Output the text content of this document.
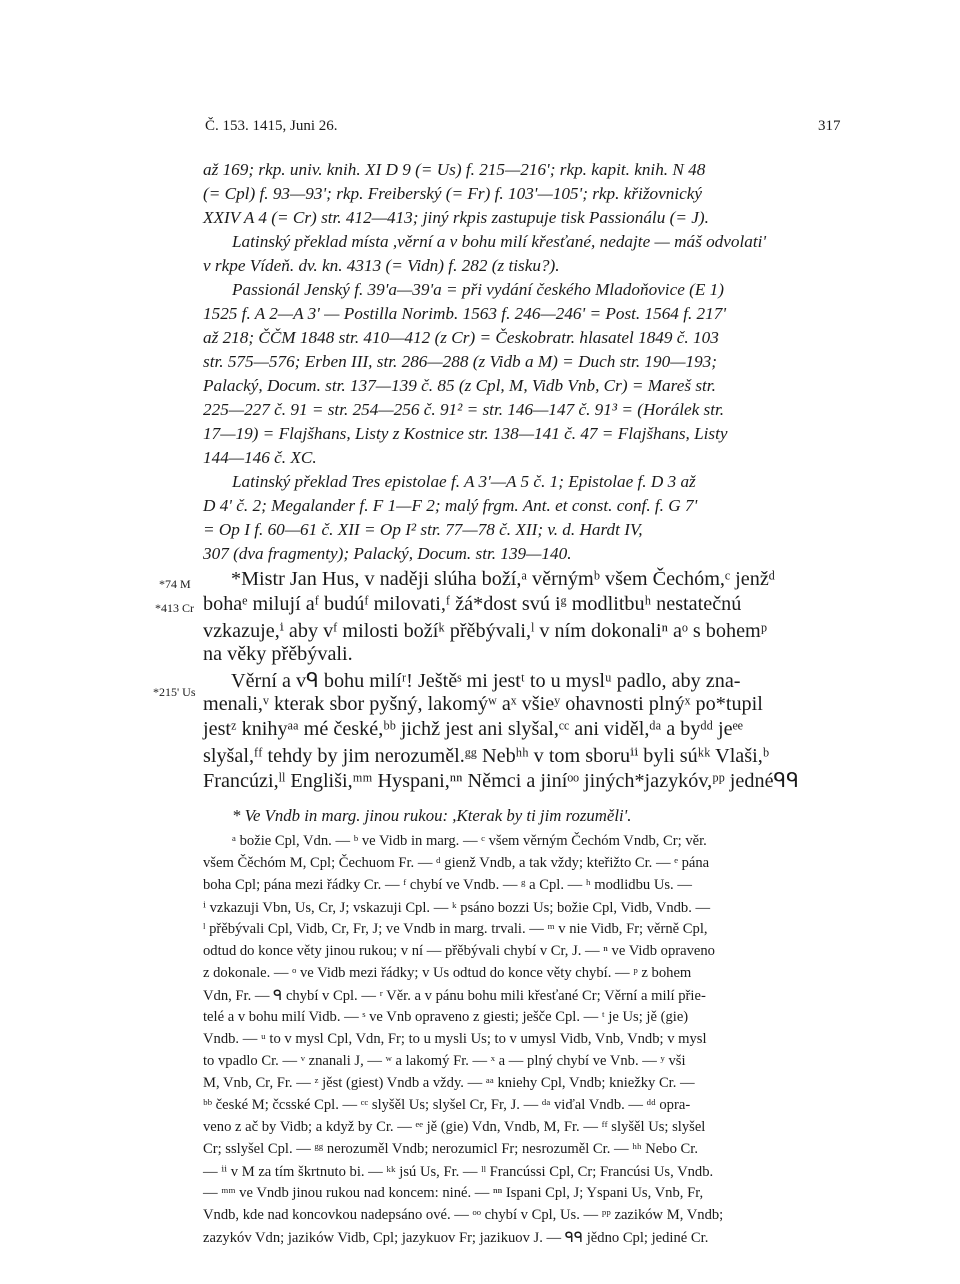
Č. 153. 1415, Juni 26.	317
až 169; rkp. univ. knih. XI D 9 (= Us) f. 215—216'; rkp. kapit. knih. N 48
(= Cpl) f. 93—93'; rkp. Freiberský (= Fr) f. 103'—105'; rkp. křižovnický
XXIV A 4 (= Cr) str. 412—413; jiný rkpis zastupuje tisk Passionálu (= J).
Latinský překlad místa ,věrní a v bohu milí křesťané, nedajte — máš odvolati'
v rkpe Vídeň. dv. kn. 4313 (= Vidn) f. 282 (z tisku?).
Passionál Jenský f. 39'a—39'a = při vydání českého Mladoňovice (E 1)
1525 f. A 2—A 3' — Postilla Norimb. 1563 f. 246—246' = Post. 1564 f. 217'
až 218; ČČM 1848 str. 410—412 (z Cr) = Českobratr. hlasatel 1849 č. 103
str. 575—576; Erben III, str. 286—288 (z Vidb a M) = Duch str. 190—193;
Palacký, Docum. str. 137—139 č. 85 (z Cpl, M, Vidb Vnb, Cr) = Mareš str.
225—227 č. 91 = str. 254—256 č. 91² = str. 146—147 č. 91³ = (Horálek str.
17—19) = Flajšhans, Listy z Kostnice str. 138—141 č. 47 = Flajšhans, Listy
144—146 č. XC.
Latinský překlad Tres epistolae f. A 3'—A 5 č. 1; Epistolae f. D 3 až
D 4' č. 2; Megalander f. F 1—F 2; malý frgm. Ant. et const. conf. f. G 7'
= Op I f. 60—61 č. XII = Op I² str. 77—78 č. XII; v. d. Hardt IV,
307 (dva fragmenty); Palacký, Docum. str. 139—140.
*74 M
*413 Cr
*215' Us
*Mistr Jan Hus, v naději slúha boží,ᵃ věrnýmᵇ všem Čechóm,ᶜ jenžᵈ
bohaᵉ milují aᶠ budúᶠ milovati,ᶠ žá*dost svú iᵍ modlitbuʰ nestatečnú
vzkazuje,ⁱ aby vᶠ milosti božíᵏ přěbývali,ˡ v ním dokonaliⁿ aᵒ s bohemᵖ
na věky přěbývali.
Věrní a vᑫ bohu milíʳ! Ještěˢ mi jestᵗ to u myslᵘ padlo, aby zna-
menali,ᵛ kterak sbor pyšný, lakomýʷ aˣ všieʸ ohavnosti plnýˣ po*tupil
jestᶻ knihyᵃᵃ mé české,ᵇᵇ jichž jest ani slyšal,ᶜᶜ ani viděl,ᵈᵃ a byᵈᵈ jeᵉᵉ
slyšal,ᶠᶠ tehdy by jim nerozuměl.ᵍᵍ Nebʰʰ v tom sboruⁱⁱ byli súᵏᵏ Vlaši,ᵇ
Francúzi,ˡˡ Engliši,ᵐᵐ Hyspani,ⁿⁿ Němci a jiníᵒᵒ jiných*jazykóv,ᵖᵖ jednéᑫᑫ
* Ve Vndb in marg. jinou rukou: ,Kterak by ti jim rozuměli'.
ᵃ božie Cpl, Vdn. — ᵇ ve Vidb in marg. — ᶜ všem věrným Čechóm Vndb, Cr; věr.
všem Čěchóm M, Cpl; Čechuom Fr. — ᵈ gienž Vndb, a tak vždy; kteřižto Cr. — ᵉ pána
boha Cpl; pána mezi řádky Cr. — ᶠ chybí ve Vndb. — ᵍ a Cpl. — ʰ modlidbu Us. —
ⁱ vzkazuji Vbn, Us, Cr, J; vskazuji Cpl. — ᵏ psáno bozzi Us; božie Cpl, Vidb, Vndb. —
ˡ přěbývali Cpl, Vidb, Cr, Fr, J; ve Vndb in marg. trvali. — ᵐ v nie Vidb, Fr; věrně Cpl,
odtud do konce věty jinou rukou; v ní — přěbývali chybí v Cr, J. — ⁿ ve Vidb opraveno
z dokonale. — ᵒ ve Vidb mezi řádky; v Us odtud do konce věty chybí. — ᵖ z bohem
Vdn, Fr. — ᑫ chybí v Cpl. — ʳ Věr. a v pánu bohu mili křesťané Cr; Věrní a milí přie-
telé a v bohu milí Vidb. — ˢ ve Vnb opraveno z giesti; ješče Cpl. — ᵗ je Us; jě (gie)
Vndb. — ᵘ to v mysl Cpl, Vdn, Fr; to u mysli Us; to v umysl Vidb, Vnb, Vndb; v mysl
to vpadlo Cr. — ᵛ znanali J, — ʷ a lakomý Fr. — ˣ a — plný chybí ve Vnb. — ʸ vši
M, Vnb, Cr, Fr. — ᶻ jěst (giest) Vndb a vždy. — ᵃᵃ kniehy Cpl, Vndb; kniežky Cr. —
ᵇᵇ české M; čcsské Cpl. — ᶜᶜ slyšěl Us; slyšel Cr, Fr, J. — ᵈᵃ viďal Vndb. — ᵈᵈ opra-
veno z ač by Vidb; a když by Cr. — ᵉᵉ jě (gie) Vdn, Vndb, M, Fr. — ᶠᶠ slyšěl Us; slyšel
Cr; sslyšel Cpl. — ᵍᵍ nerozuměl Vndb; nerozumicl Fr; nesrozuměl Cr. — ʰʰ Nebo Cr.
— ⁱⁱ v M za tím škrtnuto bi. — ᵏᵏ jsú Us, Fr. — ˡˡ Francússi Cpl, Cr; Francúsi Us, Vndb.
— ᵐᵐ ve Vndb jinou rukou nad koncem: niné. — ⁿⁿ Ispani Cpl, J; Yspani Us, Vnb, Fr,
Vndb, kde nad koncovkou nadepsáno ové. — ᵒᵒ chybí v Cpl, Us. — ᵖᵖ zazików M, Vndb;
zazykóv Vdn; jazików Vidb, Cpl; jazykuov Fr; jazikuov J. — ᑫᑫ jědno Cpl; jediné Cr.
